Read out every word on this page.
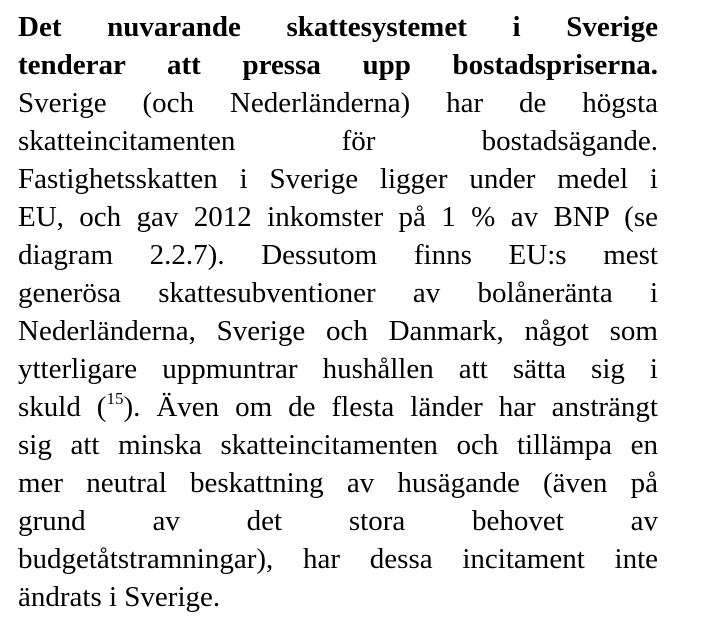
Det nuvarande skattesystemet i Sverige
tenderar att pressa upp bostadspriserna.
Sverige (och Nederländerna) har de högsta
skatteincitamenten för bostadsägande.
Fastighetsskatten i Sverige ligger under medel i
EU, och gav 2012 inkomster på 1 % av BNP (se
diagram 2.2.7). Dessutom finns EU:s mest
generösa skattesubventioner av bolåneränta i
Nederländerna, Sverige och Danmark, något som
ytterligare uppmuntrar hushållen att sätta sig i
skuld ($^{15}$). Även om de flesta länder har ansträngt
sig att minska skatteincitamenten och tillämpa en
mer neutral beskattning av husägande (även på
grund av det stora behovet av
budgetåtstramningar), har dessa incitament inte
ändrats i Sverige.
